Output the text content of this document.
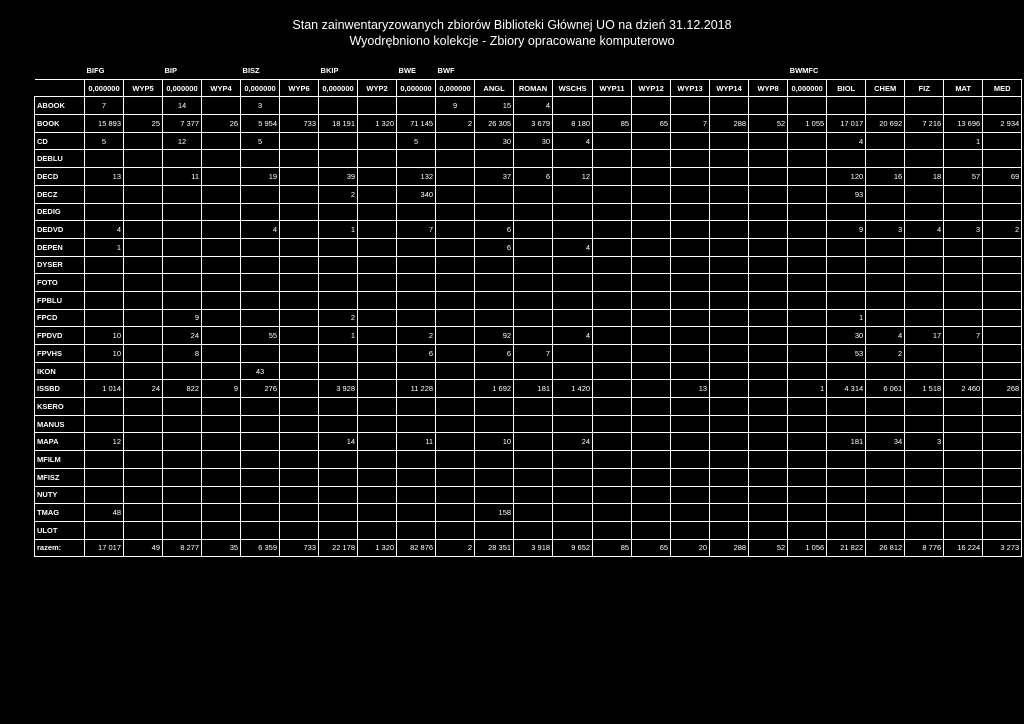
Stan zainwentaryzowanych zbiorów Biblioteki Głównej UO na dzień 31.12.2018
Wyodrębniono kolekcje - Zbiory opracowane komputerowo
	BIFG		BIP		BISZ		BKIP		BWE	BWF									BWMFC					
	0,000000	WYP5	0,000000	WYP4	0,000000	WYP6	0,000000	WYP2	0,000000	0,000000	ANGL	ROMAN	WSCHS	WYP11	WYP12	WYP13	WYP14	WYP8	0,000000	BIOL	CHEM	FIZ	MAT	MED
ABOOK	7		14		3					9	15	4												
BOOK	15 893	25	7 377	26	5 954	733	18 191	1 320	71 145	2	26 305	3 679	8 180	85	65	7	288	52	1 055	17 017	20 692	7 216	13 696	2 934
CD	5		12		5				5		30	30	4							4			1	
DEBLU																								
DECD	13		11		19		39		132		37	6	12							120	16	18	57	69
DECZ							2		340											93				
DEDIG																								
DEDVD	4				4		1		7		6									9	3	4	3	2
DEPEN	1										6		4											
DYSER																								
FOTO																								
FPBLU																								
FPCD			9				2													1				
FPDVD	10		24		55		1		2		92		4							30	4	17	7	
FPVHS	10		8						6		6	7								53	2			
IKON					43																			
ISSBD	1 014	24	822	9	276		3 928		11 228		1 692	181	1 420			13			1	4 314	6 061	1 518	2 460	268
KSERO																								
MANUS																								
MAPA	12						14		11		10		24							181	34	3		
MFILM																								
MFISZ																								
NUTY																								
TMAG	48										158													
ULOT																								
razem:	17 017	49	8 277	35	6 359	733	22 178	1 320	82 876	2	28 351	3 918	9 652	85	65	20	288	52	1 056	21 822	26 812	8 776	16 224	3 273
